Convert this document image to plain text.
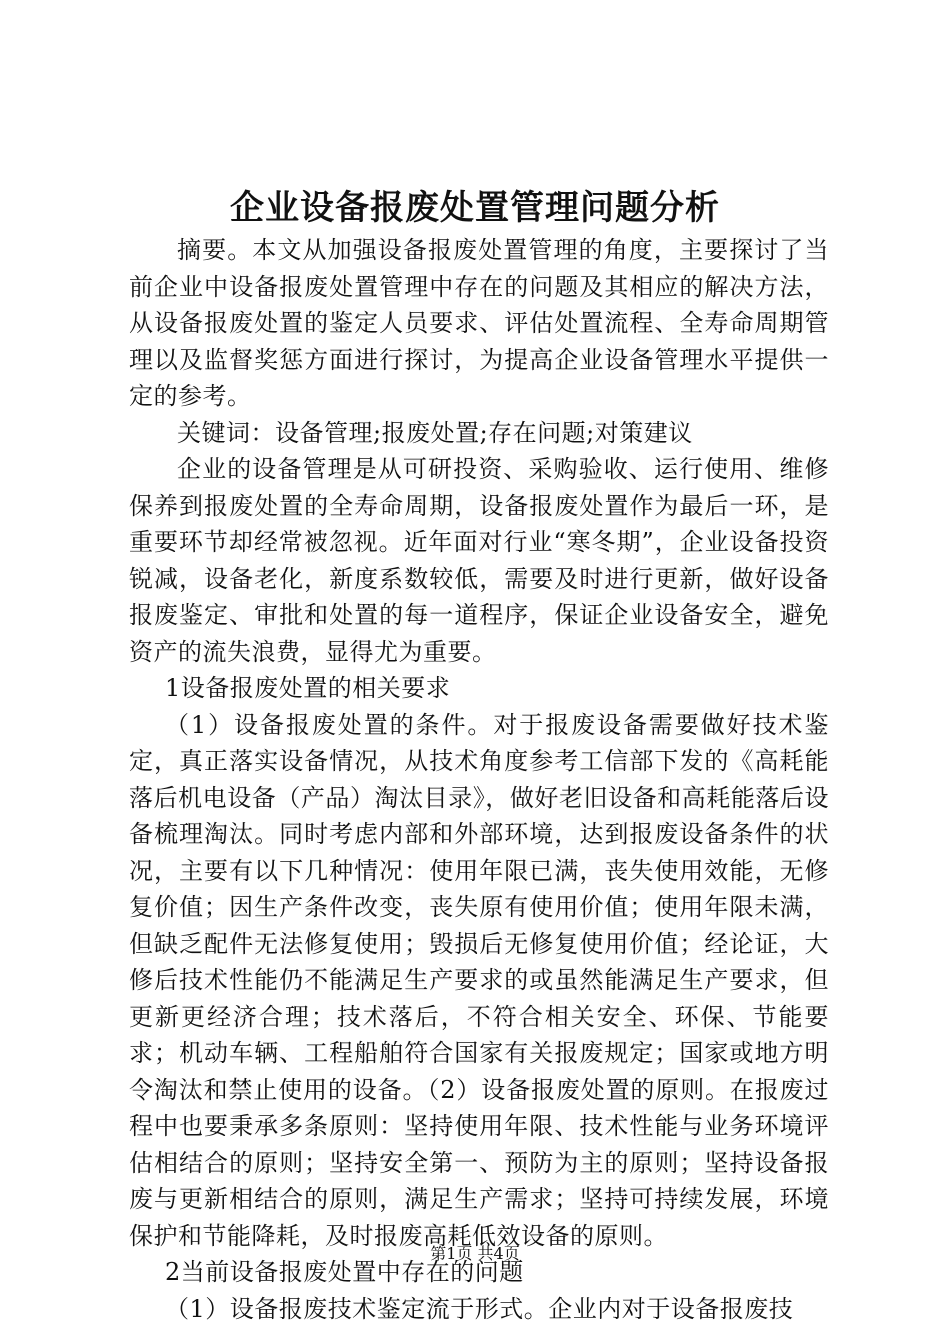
企业设备报废处置管理问题分析

摘要。本文从加强设备报废处置管理的角度，主要探讨了当前企业中设备报废处置管理中存在的问题及其相应的解决方法，从设备报废处置的鉴定人员要求、评估处置流程、全寿命周期管理以及监督奖惩方面进行探讨，为提高企业设备管理水平提供一定的参考。

关键词：设备管理;报废处置;存在问题;对策建议

企业的设备管理是从可研投资、采购验收、运行使用、维修保养到报废处置的全寿命周期，设备报废处置作为最后一环，是重要环节却经常被忽视。近年面对行业“寒冬期”，企业设备投资锐减，设备老化，新度系数较低，需要及时进行更新，做好设备报废鉴定、审批和处置的每一道程序，保证企业设备安全，避免资产的流失浪费，显得尤为重要。

1设备报废处置的相关要求

（1）设备报废处置的条件。对于报废设备需要做好技术鉴定，真正落实设备情况，从技术角度参考工信部下发的《高耗能落后机电设备（产品）淘汰目录》，做好老旧设备和高耗能落后设备梳理淘汰。同时考虑内部和外部环境，达到报废设备条件的状况，主要有以下几种情况：使用年限已满，丧失使用效能，无修复价值；因生产条件改变，丧失原有使用价值；使用年限未满，但缺乏配件无法修复使用；毁损后无修复使用价值；经论证，大修后技术性能仍不能满足生产要求的或虽然能满足生产要求，但更新更经济合理；技术落后，不符合相关安全、环保、节能要求；机动车辆、工程船舶符合国家有关报废规定；国家或地方明令淘汰和禁止使用的设备。（2）设备报废处置的原则。在报废过程中也要秉承多条原则：坚持使用年限、技术性能与业务环境评估相结合的原则；坚持安全第一、预防为主的原则；坚持设备报废与更新相结合的原则，满足生产需求；坚持可持续发展，环境保护和节能降耗，及时报废高耗低效设备的原则。

2当前设备报废处置中存在的问题

（1）设备报废技术鉴定流于形式。企业内对于设备报废技

第1页 共4页
